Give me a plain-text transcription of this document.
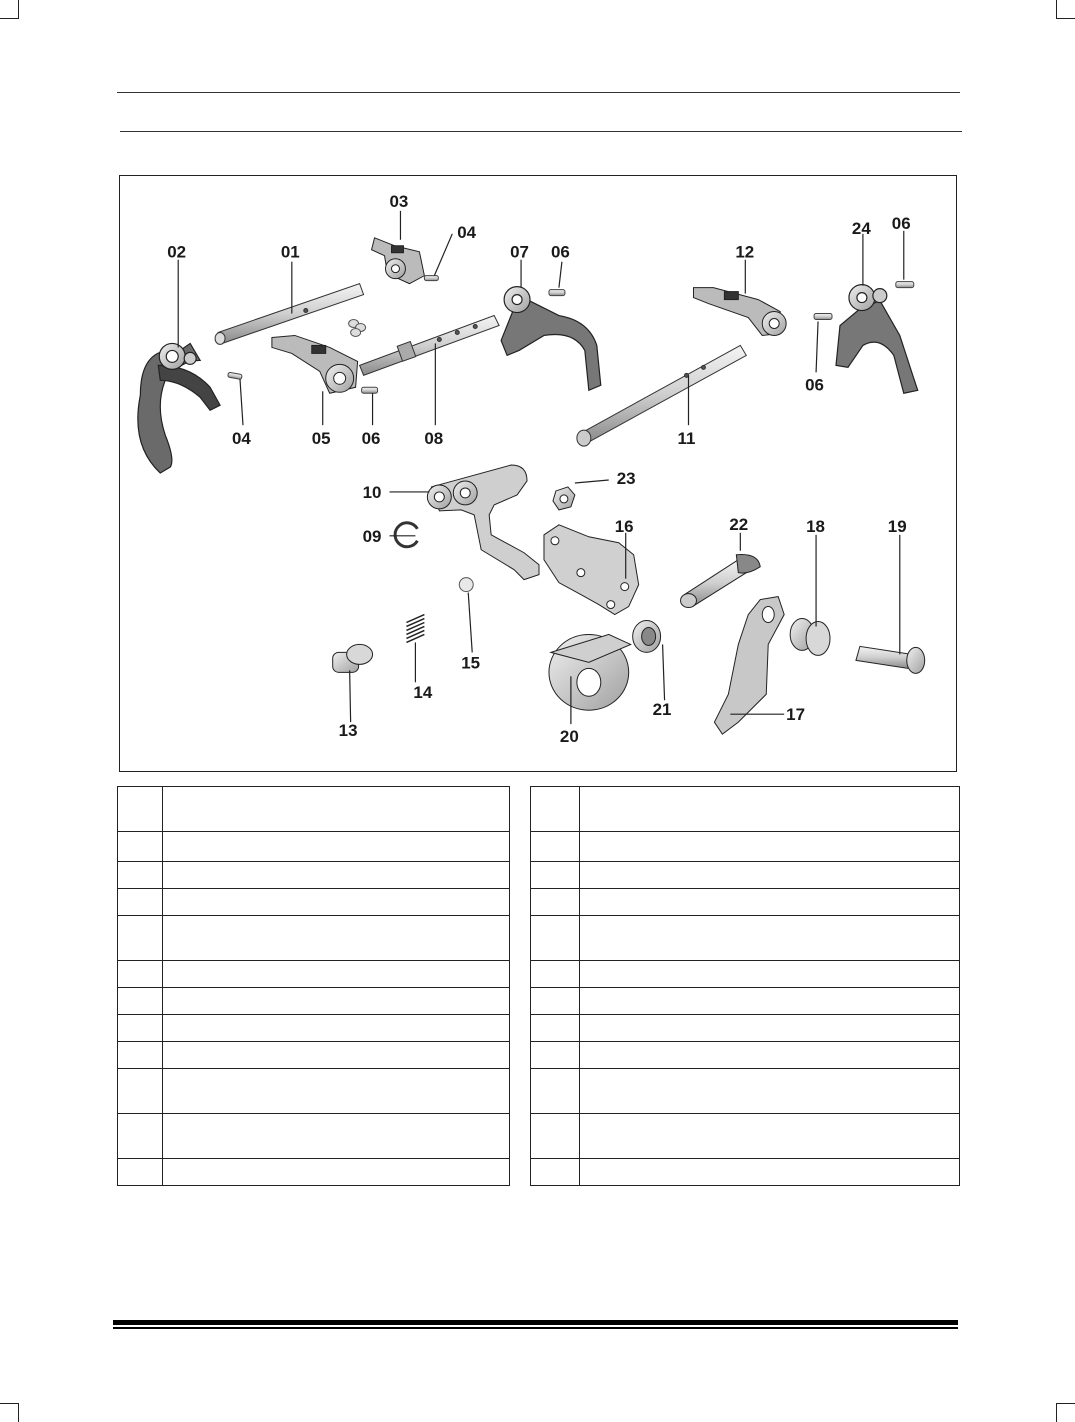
01
02
03
04
04	05 06
06
06
06
07
08
09
10
11
12
13
14
15
16
17
18	19
20
21
22
23
24
